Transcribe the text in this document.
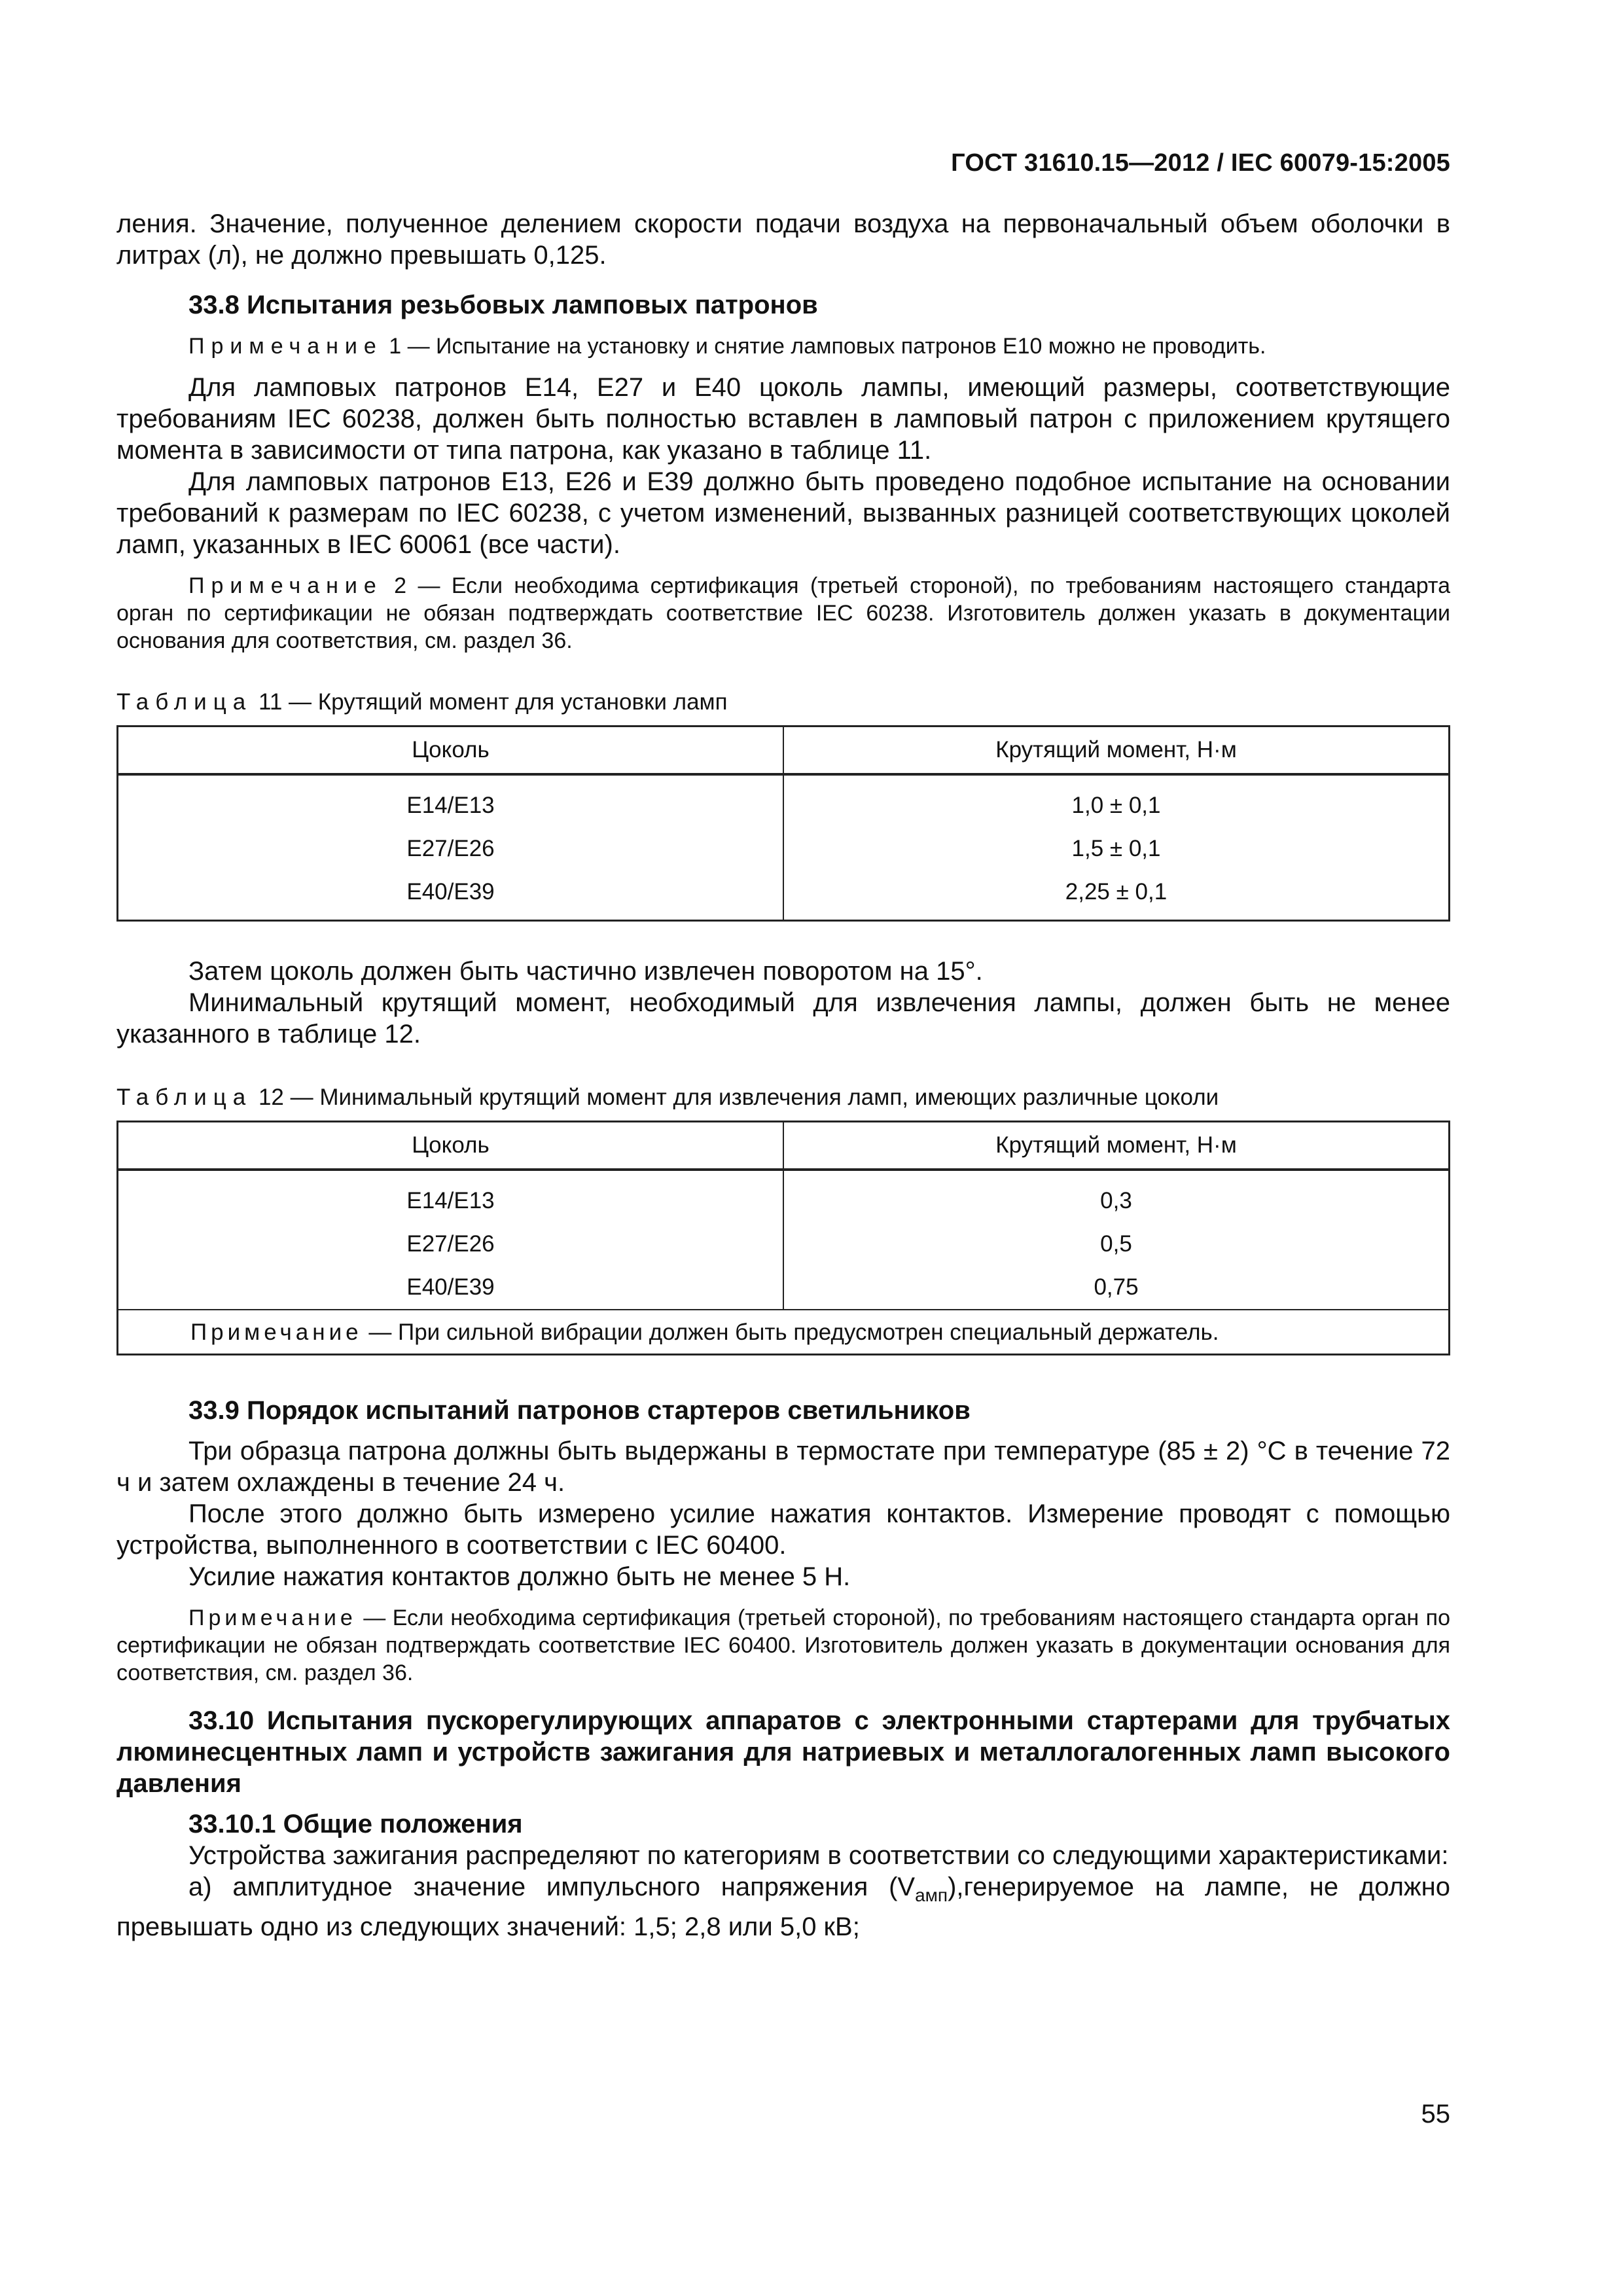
ГОСТ 31610.15—2012 / IEC 60079-15:2005

ления. Значение, полученное делением скорости подачи воздуха на первоначальный объем оболочки в литрах (л), не должно превышать 0,125.

33.8 Испытания резьбовых ламповых патронов

Примечание 1 — Испытание на установку и снятие ламповых патронов Е10 можно не проводить.

Для ламповых патронов Е14, Е27 и Е40 цоколь лампы, имеющий размеры, соответствующие требованиям IEC 60238, должен быть полностью вставлен в ламповый патрон с приложением крутящего момента в зависимости от типа патрона, как указано в таблице 11.

Для ламповых патронов Е13, Е26 и Е39 должно быть проведено подобное испытание на основании требований к размерам по IEC 60238, с учетом изменений, вызванных разницей соответствующих цоколей ламп, указанных в IEC 60061 (все части).

Примечание 2 — Если необходима сертификация (третьей стороной), по требованиям настоящего стандарта орган по сертификации не обязан подтверждать соответствие IEC 60238. Изготовитель должен указать в документации основания для соответствия, см. раздел 36.

Таблица 11 — Крутящий момент для установки ламп

Цоколь	Крутящий момент, Н·м
Е14/Е13	1,0 ± 0,1
Е27/Е26	1,5 ± 0,1
Е40/Е39	2,25 ± 0,1

Затем цоколь должен быть частично извлечен поворотом на 15°.

Минимальный крутящий момент, необходимый для извлечения лампы, должен быть не менее указанного в таблице 12.

Таблица 12 — Минимальный крутящий момент для извлечения ламп, имеющих различные цоколи

Цоколь	Крутящий момент, Н·м
Е14/Е13	0,3
Е27/Е26	0,5
Е40/Е39	0,75
Примечание — При сильной вибрации должен быть предусмотрен специальный держатель.	

33.9 Порядок испытаний патронов стартеров светильников

Три образца патрона должны быть выдержаны в термостате при температуре (85 ± 2) °С в течение 72 ч и затем охлаждены в течение 24 ч.

После этого должно быть измерено усилие нажатия контактов. Измерение проводят с помощью устройства, выполненного в соответствии с IEC 60400.

Усилие нажатия контактов должно быть не менее 5 Н.

Примечание — Если необходима сертификация (третьей стороной), по требованиям настоящего стандарта орган по сертификации не обязан подтверждать соответствие IEC 60400. Изготовитель должен указать в документации основания для соответствия, см. раздел 36.

33.10 Испытания пускорегулирующих аппаратов с электронными стартерами для трубчатых люминесцентных ламп и устройств зажигания для натриевых и металлогалогенных ламп высокого давления

33.10.1 Общие положения

Устройства зажигания распределяют по категориям в соответствии со следующими характеристиками:

а) амплитудное значение импульсного напряжения $(V_{амп}),генерируемое$ на лампе, не должно превышать одно из следующих значений: 1,5; 2,8 или 5,0 кВ;

55
